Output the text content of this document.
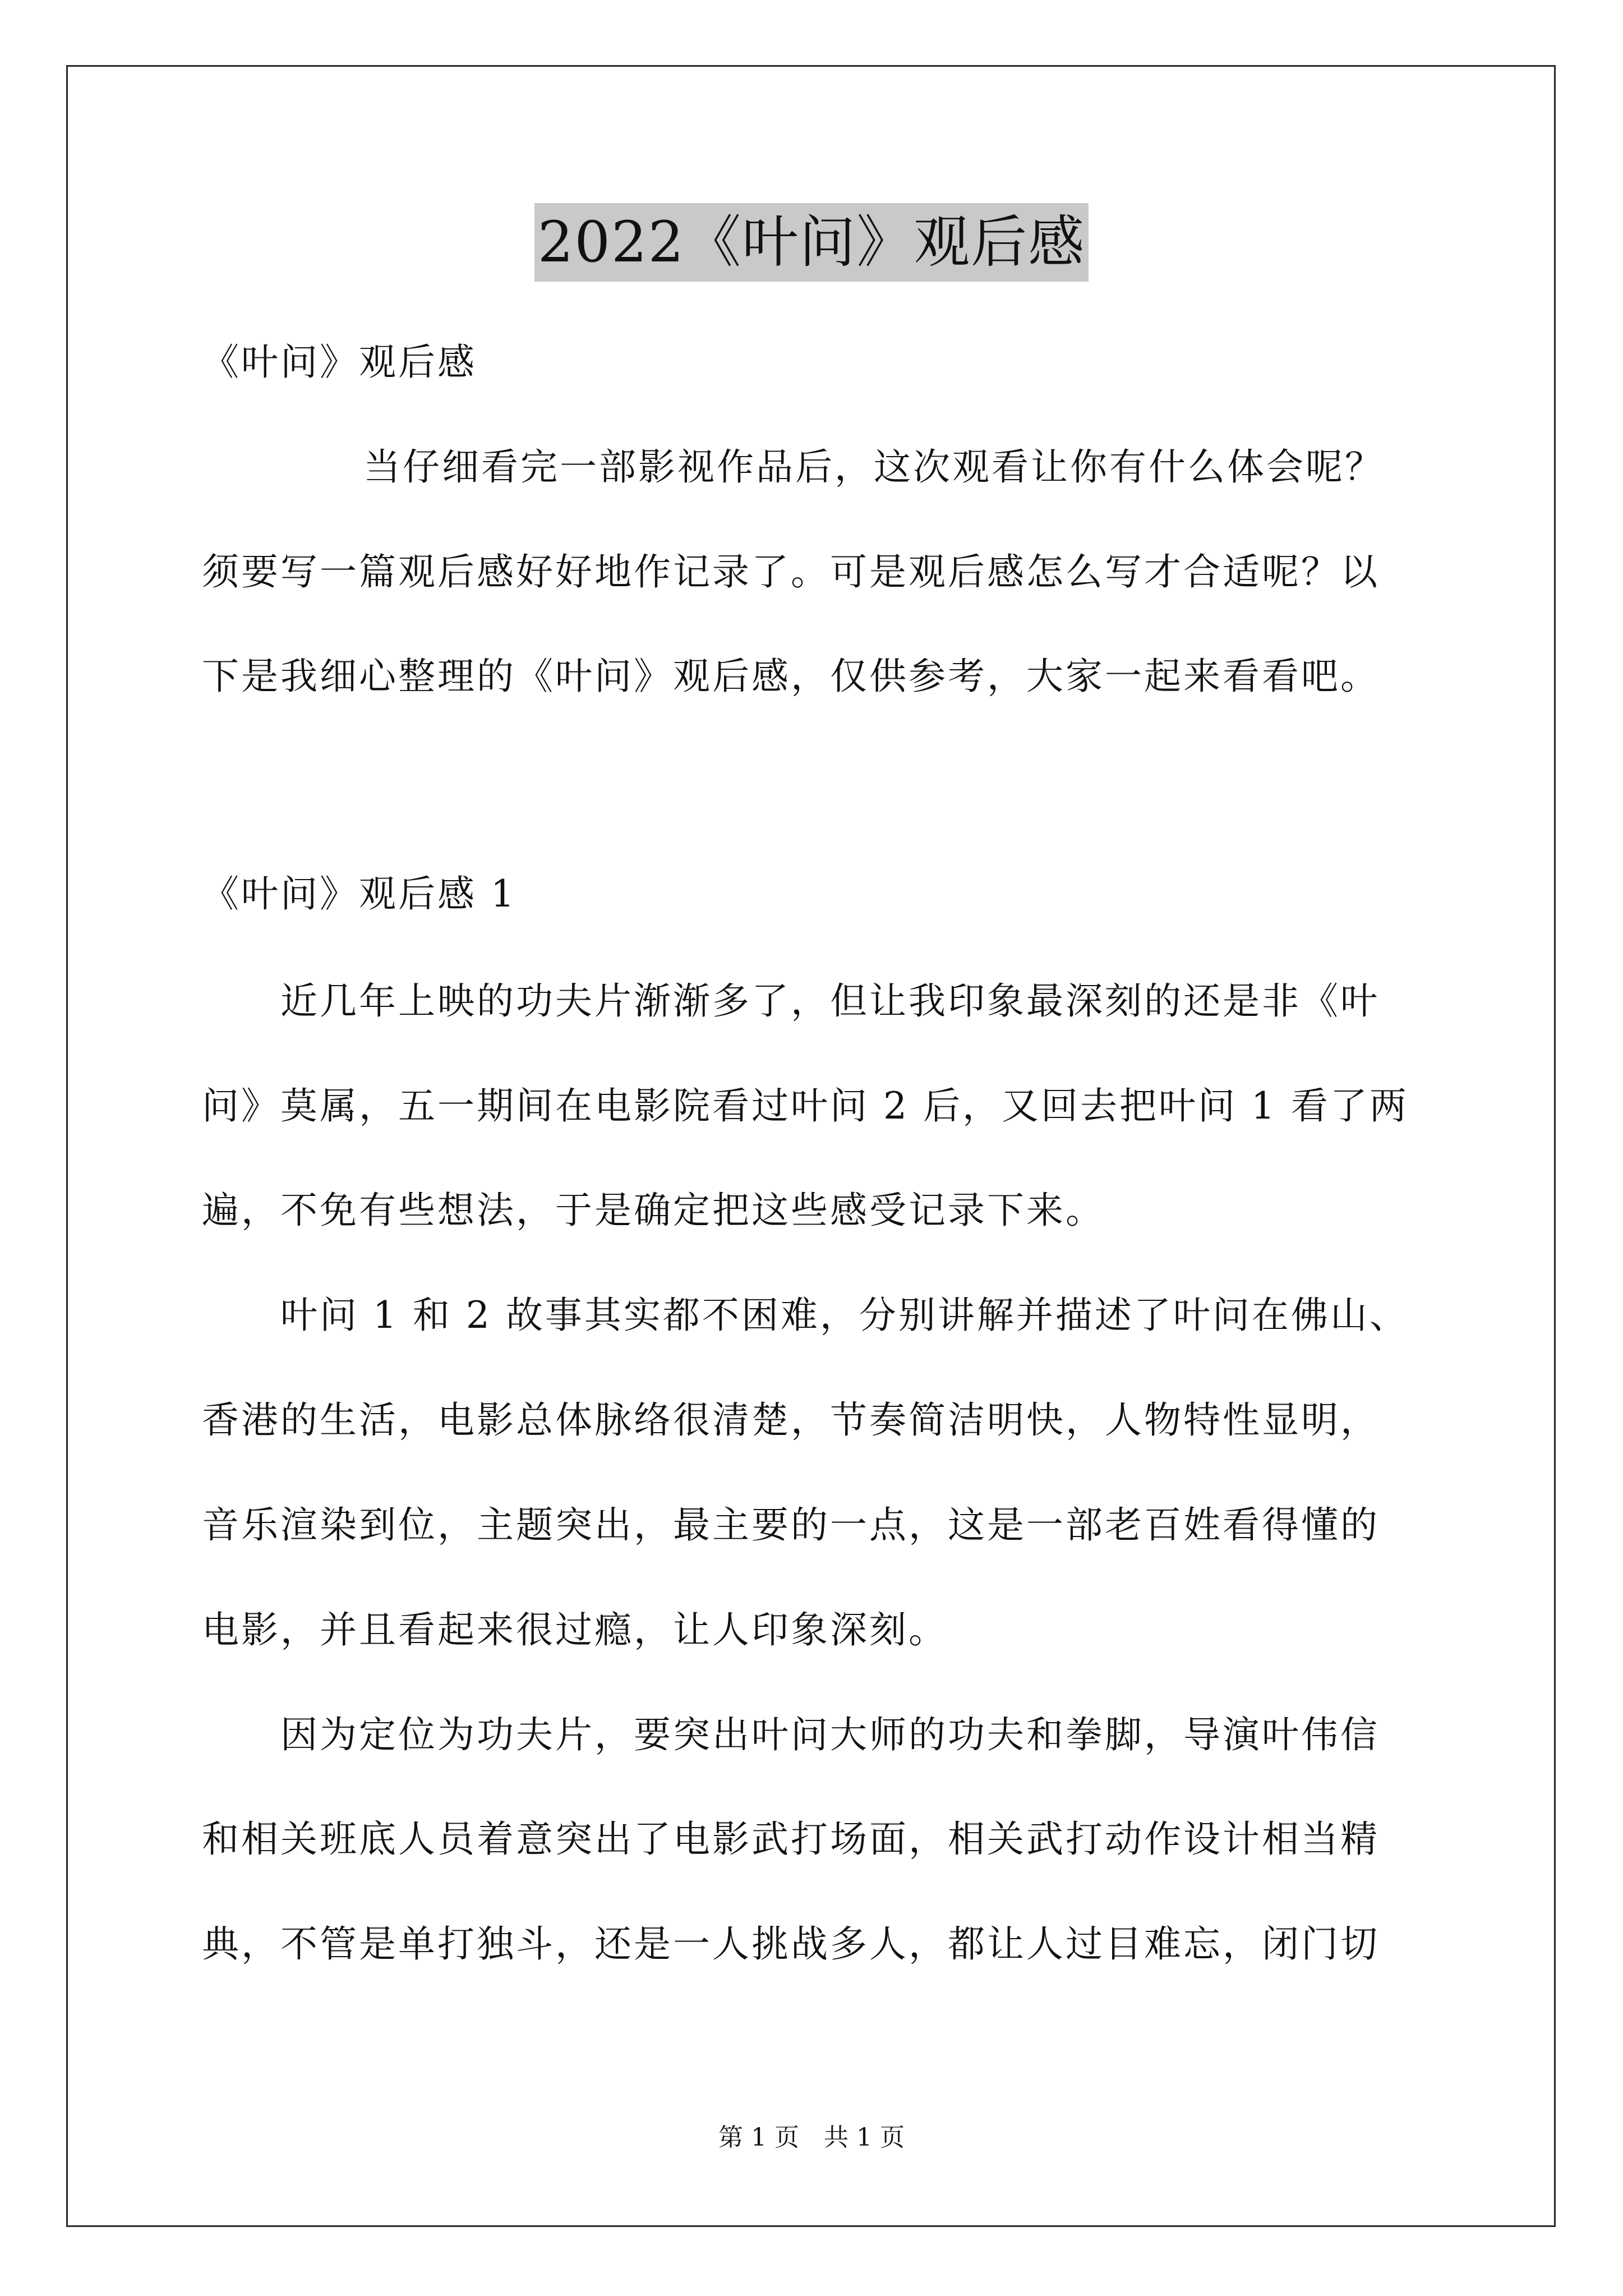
2022《叶问》观后感
《叶问》观后感
当仔细看完一部影视作品后，这次观看让你有什么体会呢？
须要写一篇观后感好好地作记录了。可是观后感怎么写才合适呢？以
下是我细心整理的《叶问》观后感，仅供参考，大家一起来看看吧。
《叶问》观后感 1
近几年上映的功夫片渐渐多了，但让我印象最深刻的还是非《叶
问》莫属，五一期间在电影院看过叶问 2 后，又回去把叶问 1 看了两
遍，不免有些想法，于是确定把这些感受记录下来。
叶问 1 和 2 故事其实都不困难，分别讲解并描述了叶问在佛山、
香港的生活，电影总体脉络很清楚，节奏简洁明快，人物特性显明，
音乐渲染到位，主题突出，最主要的一点，这是一部老百姓看得懂的
电影，并且看起来很过瘾，让人印象深刻。
因为定位为功夫片，要突出叶问大师的功夫和拳脚，导演叶伟信
和相关班底人员着意突出了电影武打场面，相关武打动作设计相当精
典，不管是单打独斗，还是一人挑战多人，都让人过目难忘，闭门切
第 1 页　共 1 页
